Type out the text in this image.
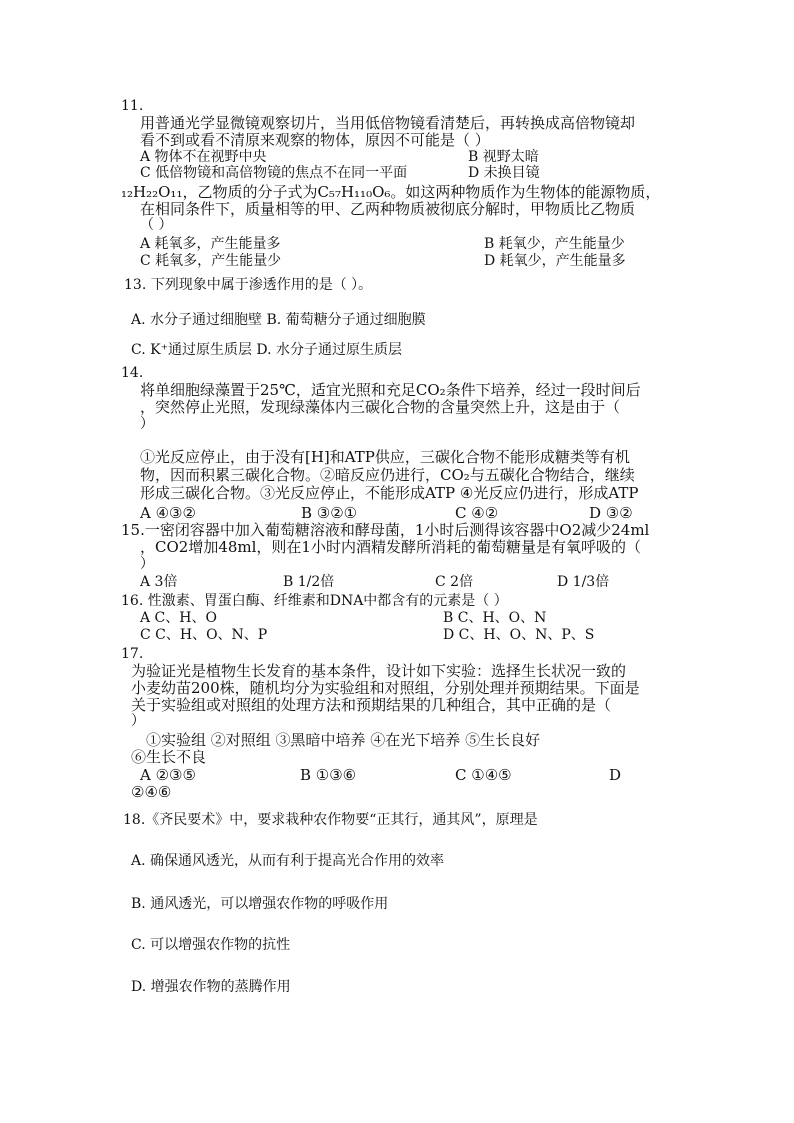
11.
用普通光学显微镜观察切片，当用低倍物镜看清楚后，再转换成高倍物镜却
看不到或看不清原来观察的物体，原因不可能是（ ）
A 物体不在视野中央	B 视野太暗
C 低倍物镜和高倍物镜的焦点不在同一平面	D 未换目镜
₁₂H₂₂O₁₁，乙物质的分子式为C₅₇H₁₁₀O₆。如这两种物质作为生物体的能源物质，
在相同条件下，质量相等的甲、乙两种物质被彻底分解时，甲物质比乙物质
（ ）
A 耗氧多，产生能量多	B 耗氧少，产生能量少
C 耗氧多，产生能量少	D 耗氧少，产生能量多
13. 下列现象中属于渗透作用的是（ ）。
A. 水分子通过细胞壁 B. 葡萄糖分子通过细胞膜
C. K⁺通过原生质层 D. 水分子通过原生质层
14.
将单细胞绿藻置于25℃，适宜光照和充足CO₂条件下培养，经过一段时间后
，突然停止光照，发现绿藻体内三碳化合物的含量突然上升，这是由于（
）
①光反应停止，由于没有[H]和ATP供应，三碳化合物不能形成糖类等有机
物，因而积累三碳化合物。②暗反应仍进行，CO₂与五碳化合物结合，继续
形成三碳化合物。③光反应停止，不能形成ATP ④光反应仍进行，形成ATP
A ④③②	B ③②①	C ④②	D ③②
15.一密闭容器中加入葡萄糖溶液和酵母菌，1小时后测得该容器中O2减少24ml
，CO2增加48ml，则在1小时内酒精发酵所消耗的葡萄糖量是有氧呼吸的（
）
A 3倍	B 1/2倍	C 2倍	D 1/3倍
16. 性激素、胃蛋白酶、纤维素和DNA中都含有的元素是（ ）
A C、H、O	B C、H、O、N
C C、H、O、N、P	D C、H、O、N、P、S
17.
为验证光是植物生长发育的基本条件，设计如下实验：选择生长状况一致的
小麦幼苗200株，随机均分为实验组和对照组，分别处理并预期结果。下面是
关于实验组或对照组的处理方法和预期结果的几种组合，其中正确的是（
）
①实验组 ②对照组 ③黑暗中培养 ④在光下培养 ⑤生长良好
⑥生长不良
A ②③⑤	B ①③⑥	C ①④⑤	D
②④⑥
18.《齐民要术》中，要求栽种农作物要“正其行，通其风”，原理是
A. 确保通风透光，从而有利于提高光合作用的效率
B. 通风透光，可以增强农作物的呼吸作用
C. 可以增强农作物的抗性
D. 增强农作物的蒸腾作用
